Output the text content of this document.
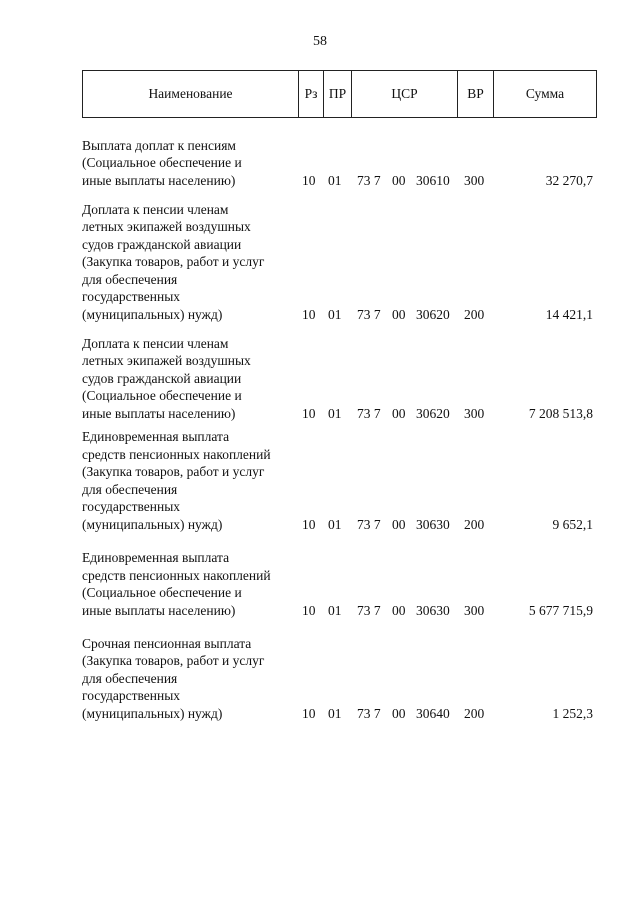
58
Наименование	Рз ПР	ЦСР	ВР	Сумма
Выплата доплат к пенсиям
(Социальное обеспечение и
иные выплаты населению)	10 01 73 7 00 30610 300	32 270,7
Доплата к пенсии членам
летных экипажей воздушных
судов гражданской авиации
(Закупка товаров, работ и услуг
для обеспечения
государственных
(муниципальных) нужд)	10 01 73 7 00 30620 200	14 421,1
Доплата к пенсии членам
летных экипажей воздушных
судов гражданской авиации
(Социальное обеспечение и
иные выплаты населению)	10 01 73 7 00 30620 300	7 208 513,8
Единовременная выплата
средств пенсионных накоплений
(Закупка товаров, работ и услуг
для обеспечения
государственных
(муниципальных) нужд)	10 01 73 7 00 30630 200	9 652,1
Единовременная выплата
средств пенсионных накоплений
(Социальное обеспечение и
иные выплаты населению)	10 01 73 7 00 30630 300	5 677 715,9
Срочная пенсионная выплата
(Закупка товаров, работ и услуг
для обеспечения
государственных
(муниципальных) нужд)	10 01 73 7 00 30640 200	1 252,3
